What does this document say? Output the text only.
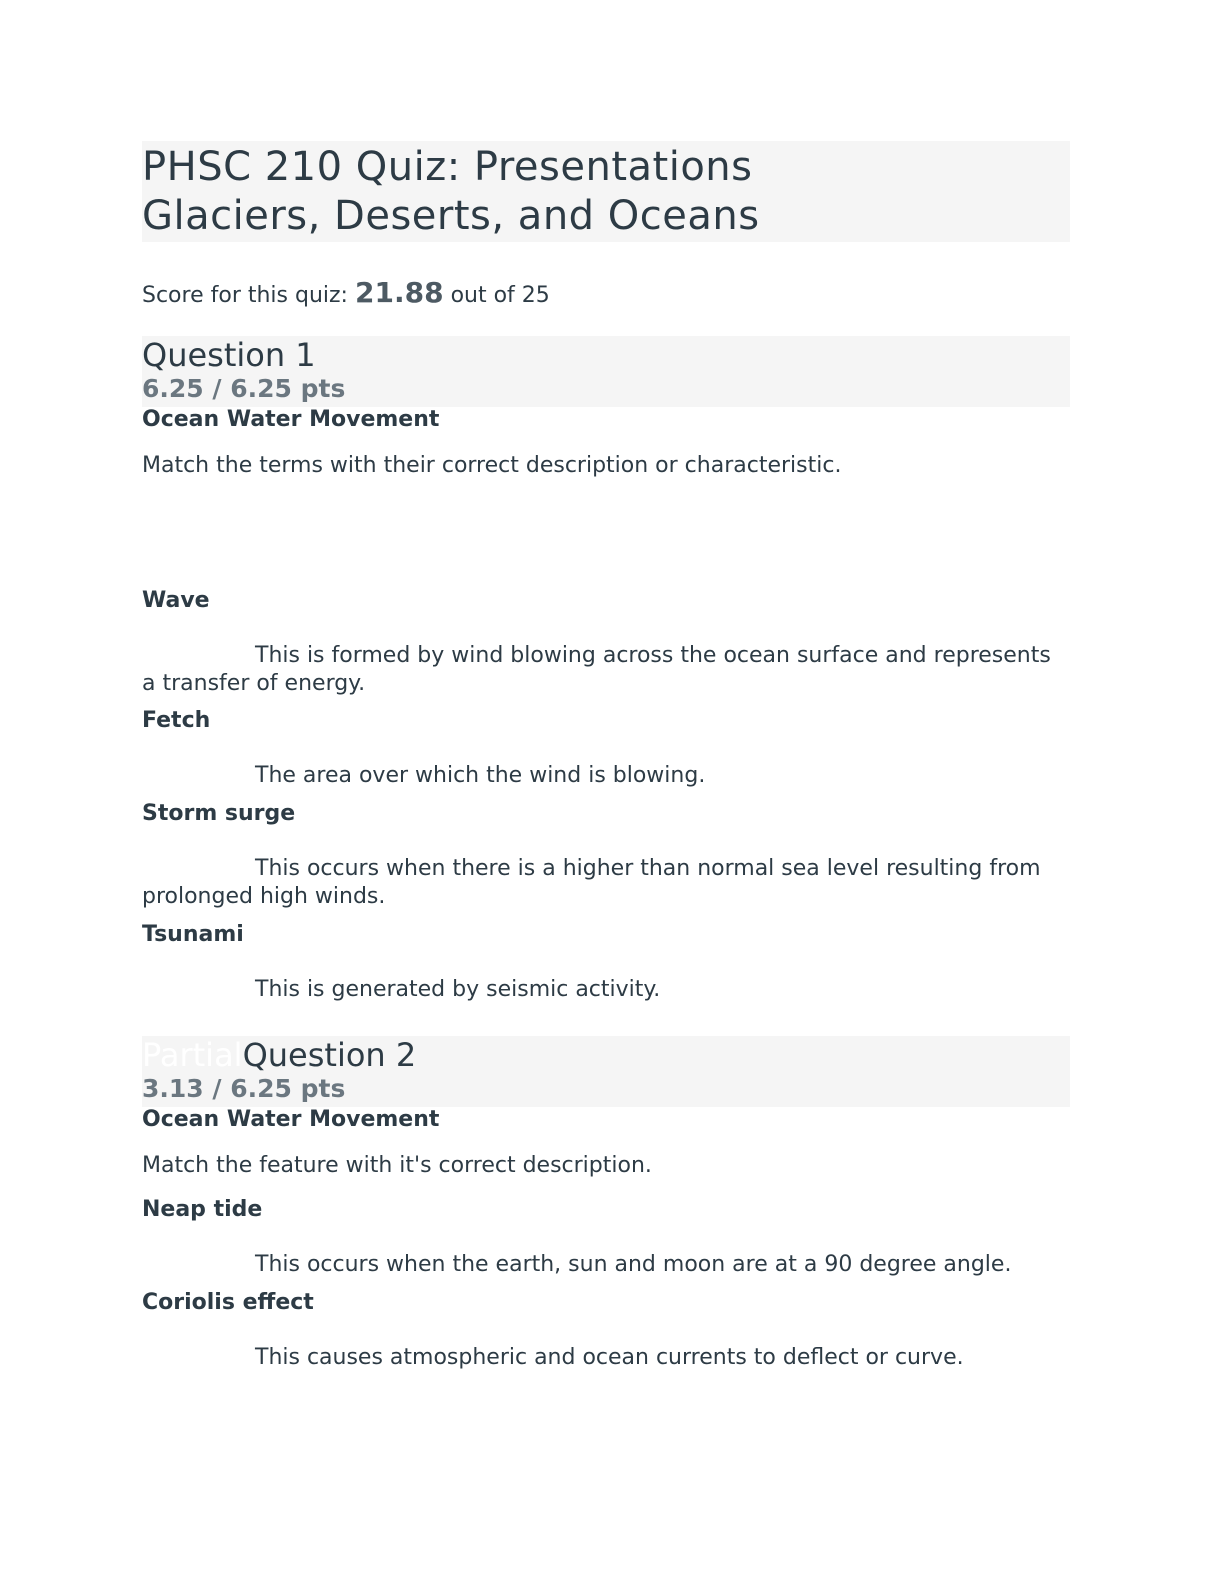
PHSC 210 Quiz: Presentations
Glaciers, Deserts, and Oceans
Score for this quiz: 21.88 out of 25
Question 1
6.25 / 6.25 pts
Ocean Water Movement
Match the terms with their correct description or characteristic.
Wave
This is formed by wind blowing across the ocean surface and represents a transfer of energy.
Fetch
The area over which the wind is blowing.
Storm surge
This occurs when there is a higher than normal sea level resulting from prolonged high winds.
Tsunami
This is generated by seismic activity.
PartialQuestion 2
3.13 / 6.25 pts
Ocean Water Movement
Match the feature with it's correct description.
Neap tide
This occurs when the earth, sun and moon are at a 90 degree angle.
Coriolis effect
This causes atmospheric and ocean currents to deflect or curve.
